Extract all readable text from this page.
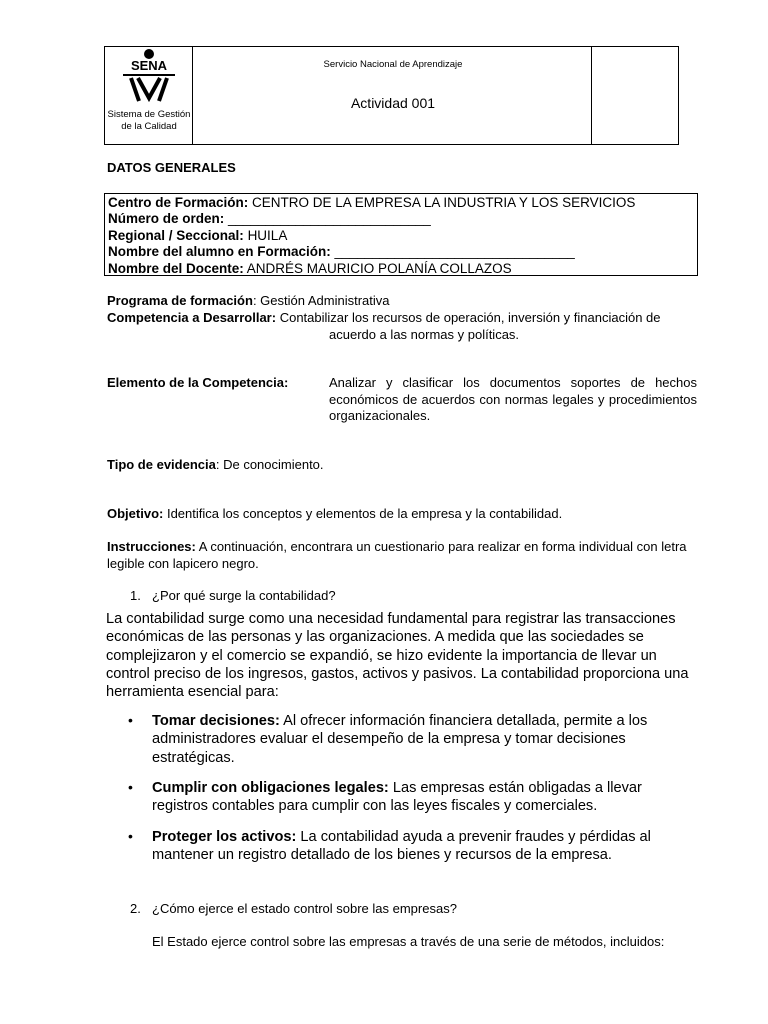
SENA
Sistema de Gestión de la Calidad
Servicio Nacional de Aprendizaje
Actividad 001
DATOS GENERALES
Centro de Formación: CENTRO DE LA EMPRESA LA INDUSTRIA Y LOS SERVICIOS
Número de orden: ___________________________
Regional / Seccional: HUILA
Nombre del alumno en Formación: ________________________________
Nombre del Docente: ANDRÉS MAURICIO POLANÍA COLLAZOS
Programa de formación: Gestión Administrativa
Competencia a Desarrollar: Contabilizar los recursos de operación, inversión y financiación de
acuerdo a las normas y políticas.
Elemento de la Competencia:	Analizar y clasificar los documentos soportes de hechos económicos de acuerdos con normas legales y procedimientos organizacionales.
Tipo de evidencia: De conocimiento.
Objetivo: Identifica los conceptos y elementos de la empresa y la contabilidad.
Instrucciones: A continuación, encontrara un cuestionario para realizar en forma individual con letra legible con lapicero negro.
1. ¿Por qué surge la contabilidad?
La contabilidad surge como una necesidad fundamental para registrar las transacciones económicas de las personas y las organizaciones. A medida que las sociedades se complejizaron y el comercio se expandió, se hizo evidente la importancia de llevar un control preciso de los ingresos, gastos, activos y pasivos. La contabilidad proporciona una herramienta esencial para:
• Tomar decisiones: Al ofrecer información financiera detallada, permite a los administradores evaluar el desempeño de la empresa y tomar decisiones estratégicas.
• Cumplir con obligaciones legales: Las empresas están obligadas a llevar registros contables para cumplir con las leyes fiscales y comerciales.
• Proteger los activos: La contabilidad ayuda a prevenir fraudes y pérdidas al mantener un registro detallado de los bienes y recursos de la empresa.
2. ¿Cómo ejerce el estado control sobre las empresas?
El Estado ejerce control sobre las empresas a través de una serie de métodos, incluidos:
